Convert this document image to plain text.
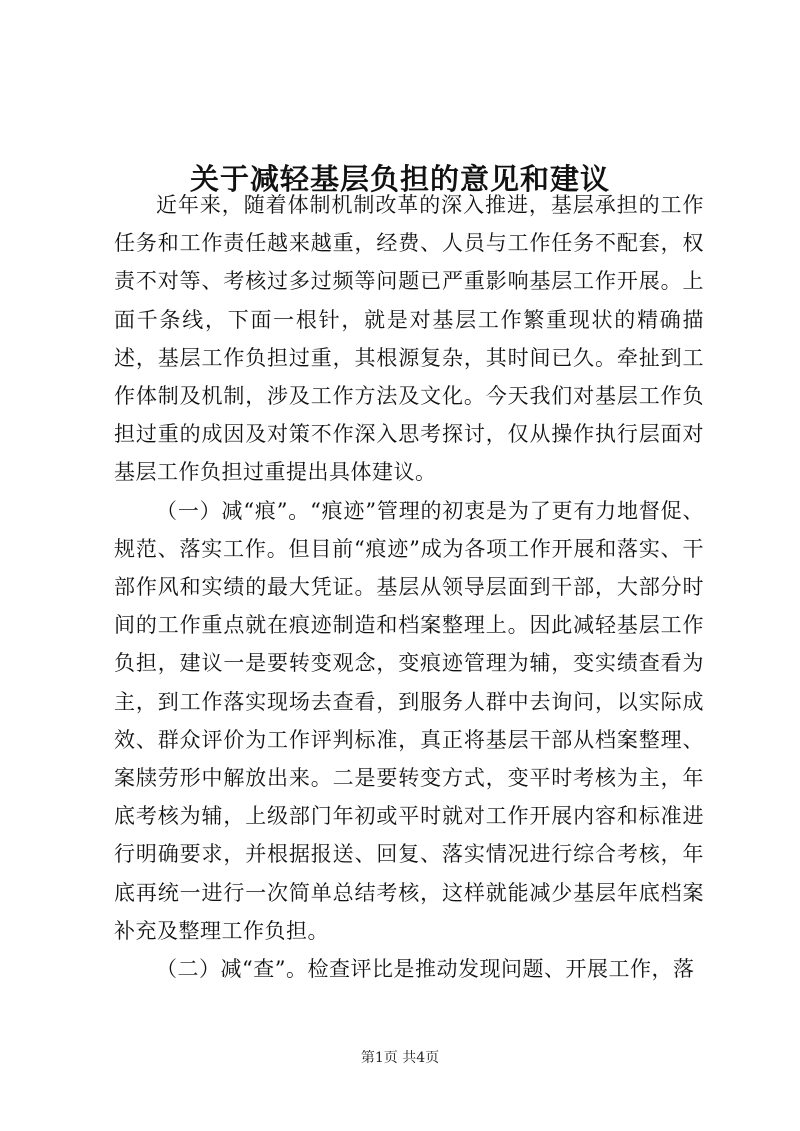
关于减轻基层负担的意见和建议

近年来，随着体制机制改革的深入推进，基层承担的工作任务和工作责任越来越重，经费、人员与工作任务不配套，权责不对等、考核过多过频等问题已严重影响基层工作开展。上面千条线，下面一根针，就是对基层工作繁重现状的精确描述，基层工作负担过重，其根源复杂，其时间已久。牵扯到工作体制及机制，涉及工作方法及文化。今天我们对基层工作负担过重的成因及对策不作深入思考探讨，仅从操作执行层面对基层工作负担过重提出具体建议。

（一）减“痕”。“痕迹”管理的初衷是为了更有力地督促、规范、落实工作。但目前“痕迹”成为各项工作开展和落实、干部作风和实绩的最大凭证。基层从领导层面到干部，大部分时间的工作重点就在痕迹制造和档案整理上。因此减轻基层工作负担，建议一是要转变观念，变痕迹管理为辅，变实绩查看为主，到工作落实现场去查看，到服务人群中去询问，以实际成效、群众评价为工作评判标准，真正将基层干部从档案整理、案牍劳形中解放出来。二是要转变方式，变平时考核为主，年底考核为辅，上级部门年初或平时就对工作开展内容和标准进行明确要求，并根据报送、回复、落实情况进行综合考核，年底再统一进行一次简单总结考核，这样就能减少基层年底档案补充及整理工作负担。

（二）减“查”。检查评比是推动发现问题、开展工作，落

第1页 共4页
